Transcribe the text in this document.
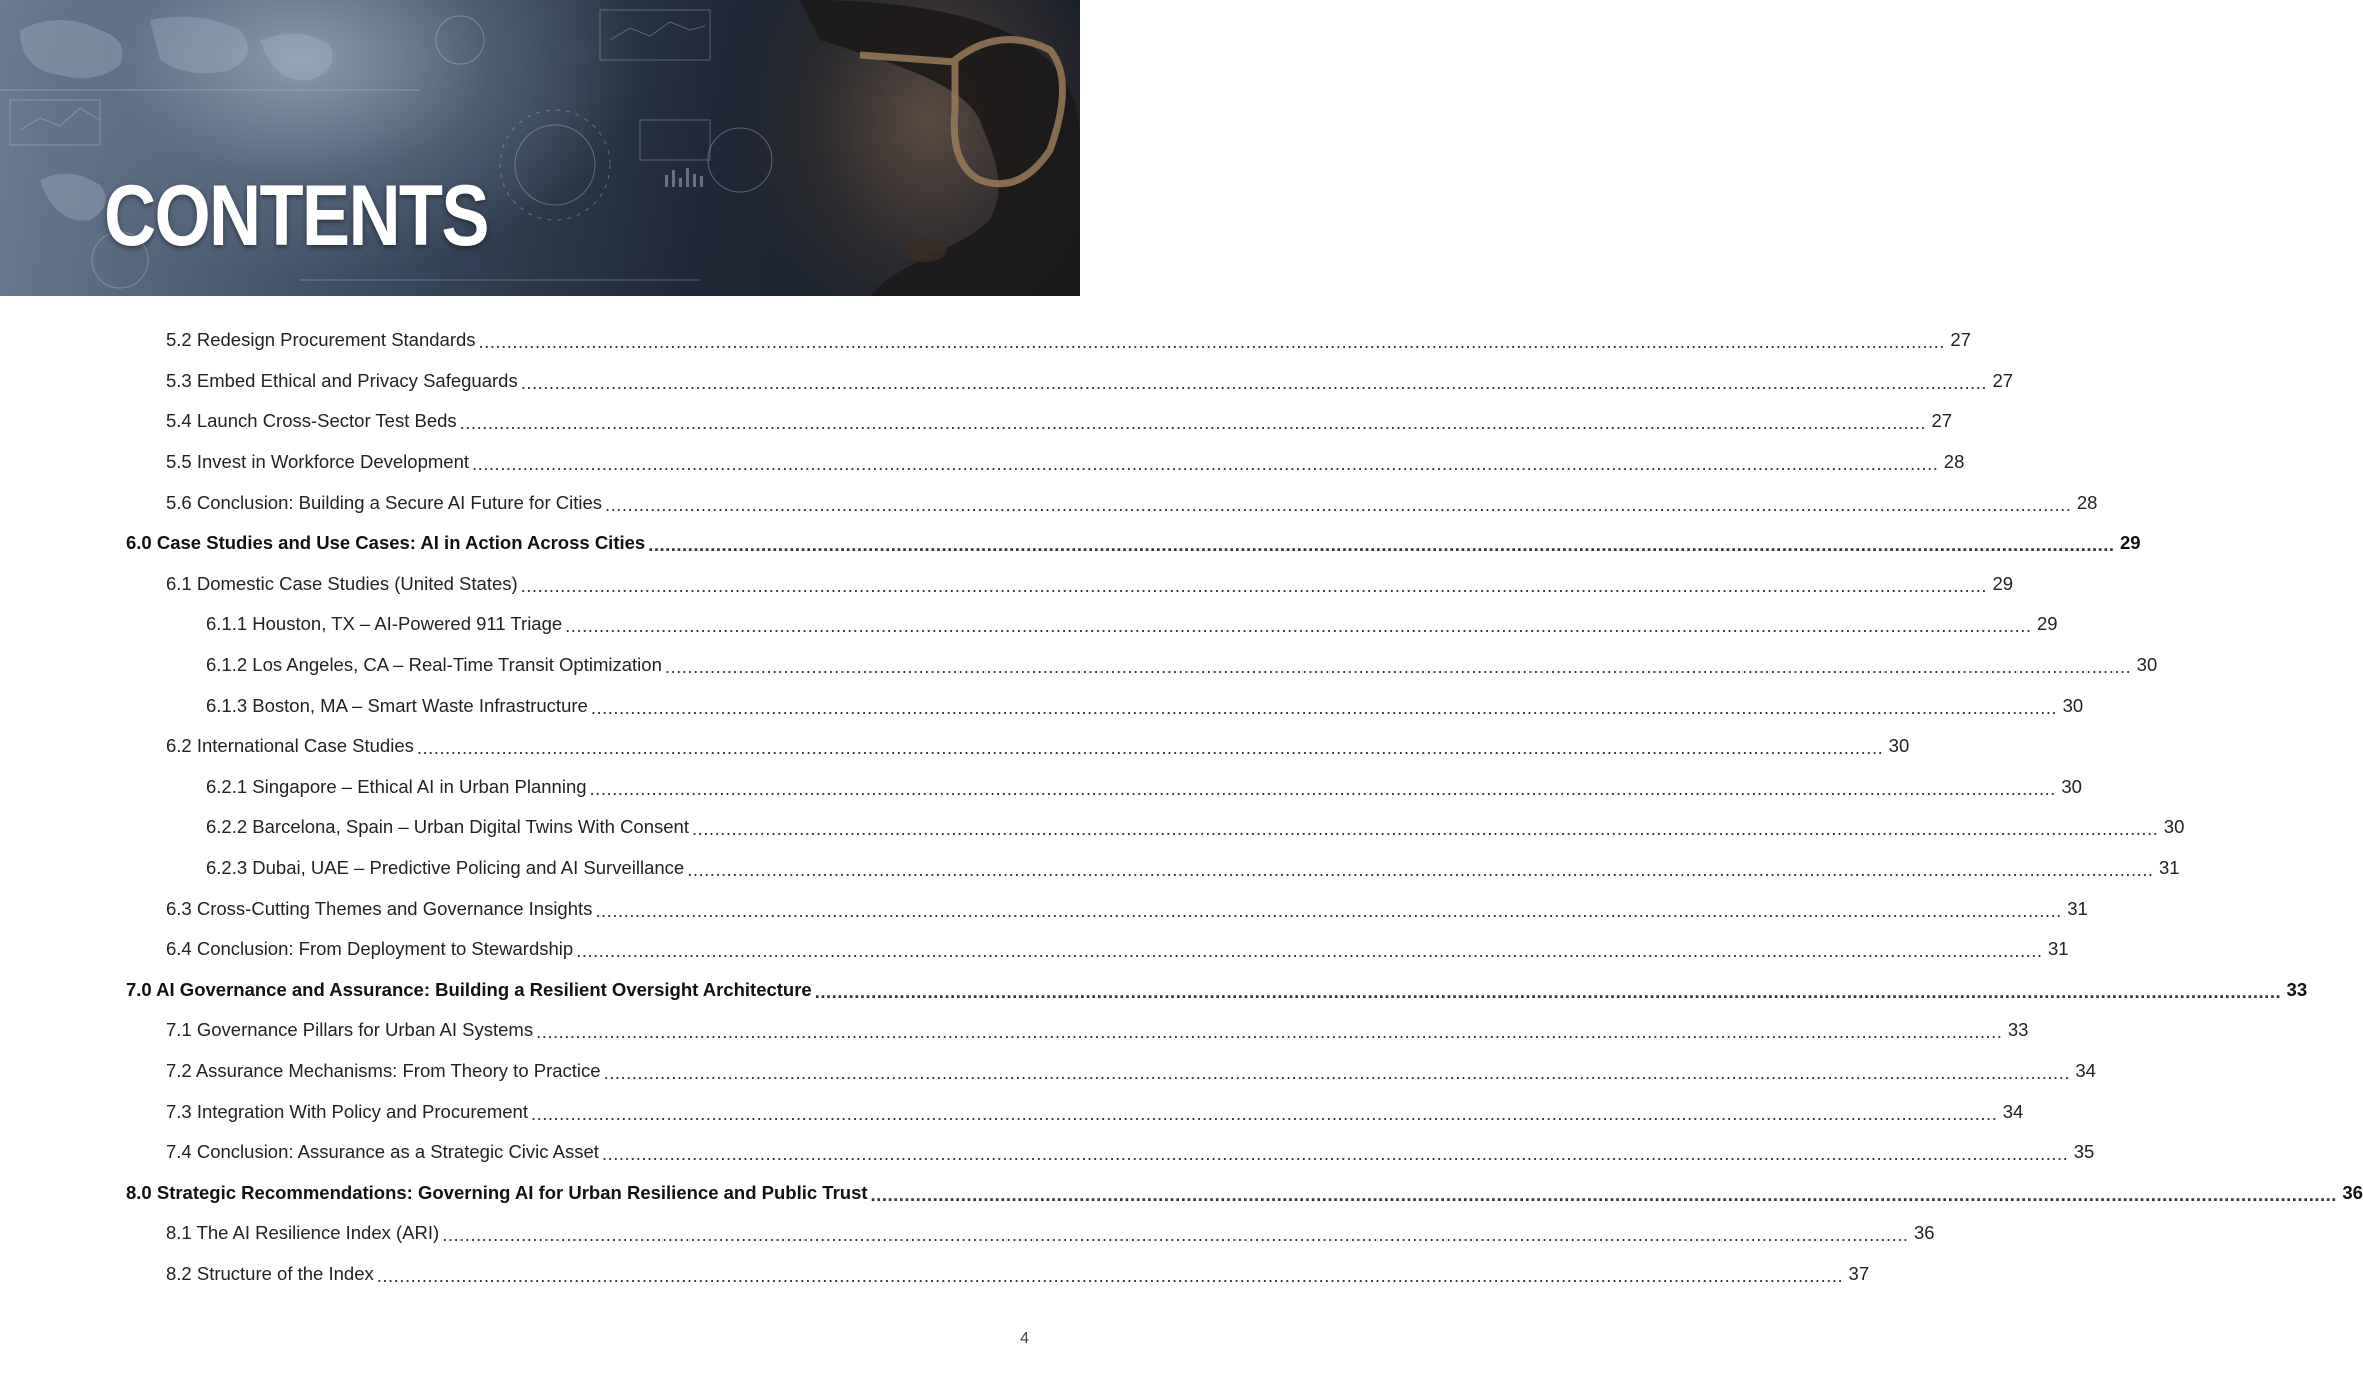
CONTENTS
5.2 Redesign Procurement Standards .................................................................................................................................................................................................................................................................... 27
5.3 Embed Ethical and Privacy Safeguards .................................................................................................................................................................................................................................................................... 27
5.4 Launch Cross-Sector Test Beds .................................................................................................................................................................................................................................................................... 27
5.5 Invest in Workforce Development .................................................................................................................................................................................................................................................................... 28
5.6 Conclusion: Building a Secure AI Future for Cities .................................................................................................................................................................................................................................................................... 28
6.0 Case Studies and Use Cases: AI in Action Across Cities .................................................................................................................................................................................................................................................................... 29
6.1 Domestic Case Studies (United States) .................................................................................................................................................................................................................................................................... 29
6.1.1 Houston, TX – AI-Powered 911 Triage .................................................................................................................................................................................................................................................................... 29
6.1.2 Los Angeles, CA – Real-Time Transit Optimization .................................................................................................................................................................................................................................................................... 30
6.1.3 Boston, MA – Smart Waste Infrastructure .................................................................................................................................................................................................................................................................... 30
6.2 International Case Studies .................................................................................................................................................................................................................................................................... 30
6.2.1 Singapore – Ethical AI in Urban Planning .................................................................................................................................................................................................................................................................... 30
6.2.2 Barcelona, Spain – Urban Digital Twins With Consent .................................................................................................................................................................................................................................................................... 30
6.2.3 Dubai, UAE – Predictive Policing and AI Surveillance .................................................................................................................................................................................................................................................................... 31
6.3 Cross-Cutting Themes and Governance Insights .................................................................................................................................................................................................................................................................... 31
6.4 Conclusion: From Deployment to Stewardship .................................................................................................................................................................................................................................................................... 31
7.0 AI Governance and Assurance: Building a Resilient Oversight Architecture .................................................................................................................................................................................................................................................................... 33
7.1 Governance Pillars for Urban AI Systems .................................................................................................................................................................................................................................................................... 33
7.2 Assurance Mechanisms: From Theory to Practice .................................................................................................................................................................................................................................................................... 34
7.3 Integration With Policy and Procurement .................................................................................................................................................................................................................................................................... 34
7.4 Conclusion: Assurance as a Strategic Civic Asset .................................................................................................................................................................................................................................................................... 35
8.0 Strategic Recommendations: Governing AI for Urban Resilience and Public Trust .................................................................................................................................................................................................................................................................... 36
8.1 The AI Resilience Index (ARI) .................................................................................................................................................................................................................................................................... 36
8.2 Structure of the Index .................................................................................................................................................................................................................................................................... 37
4
